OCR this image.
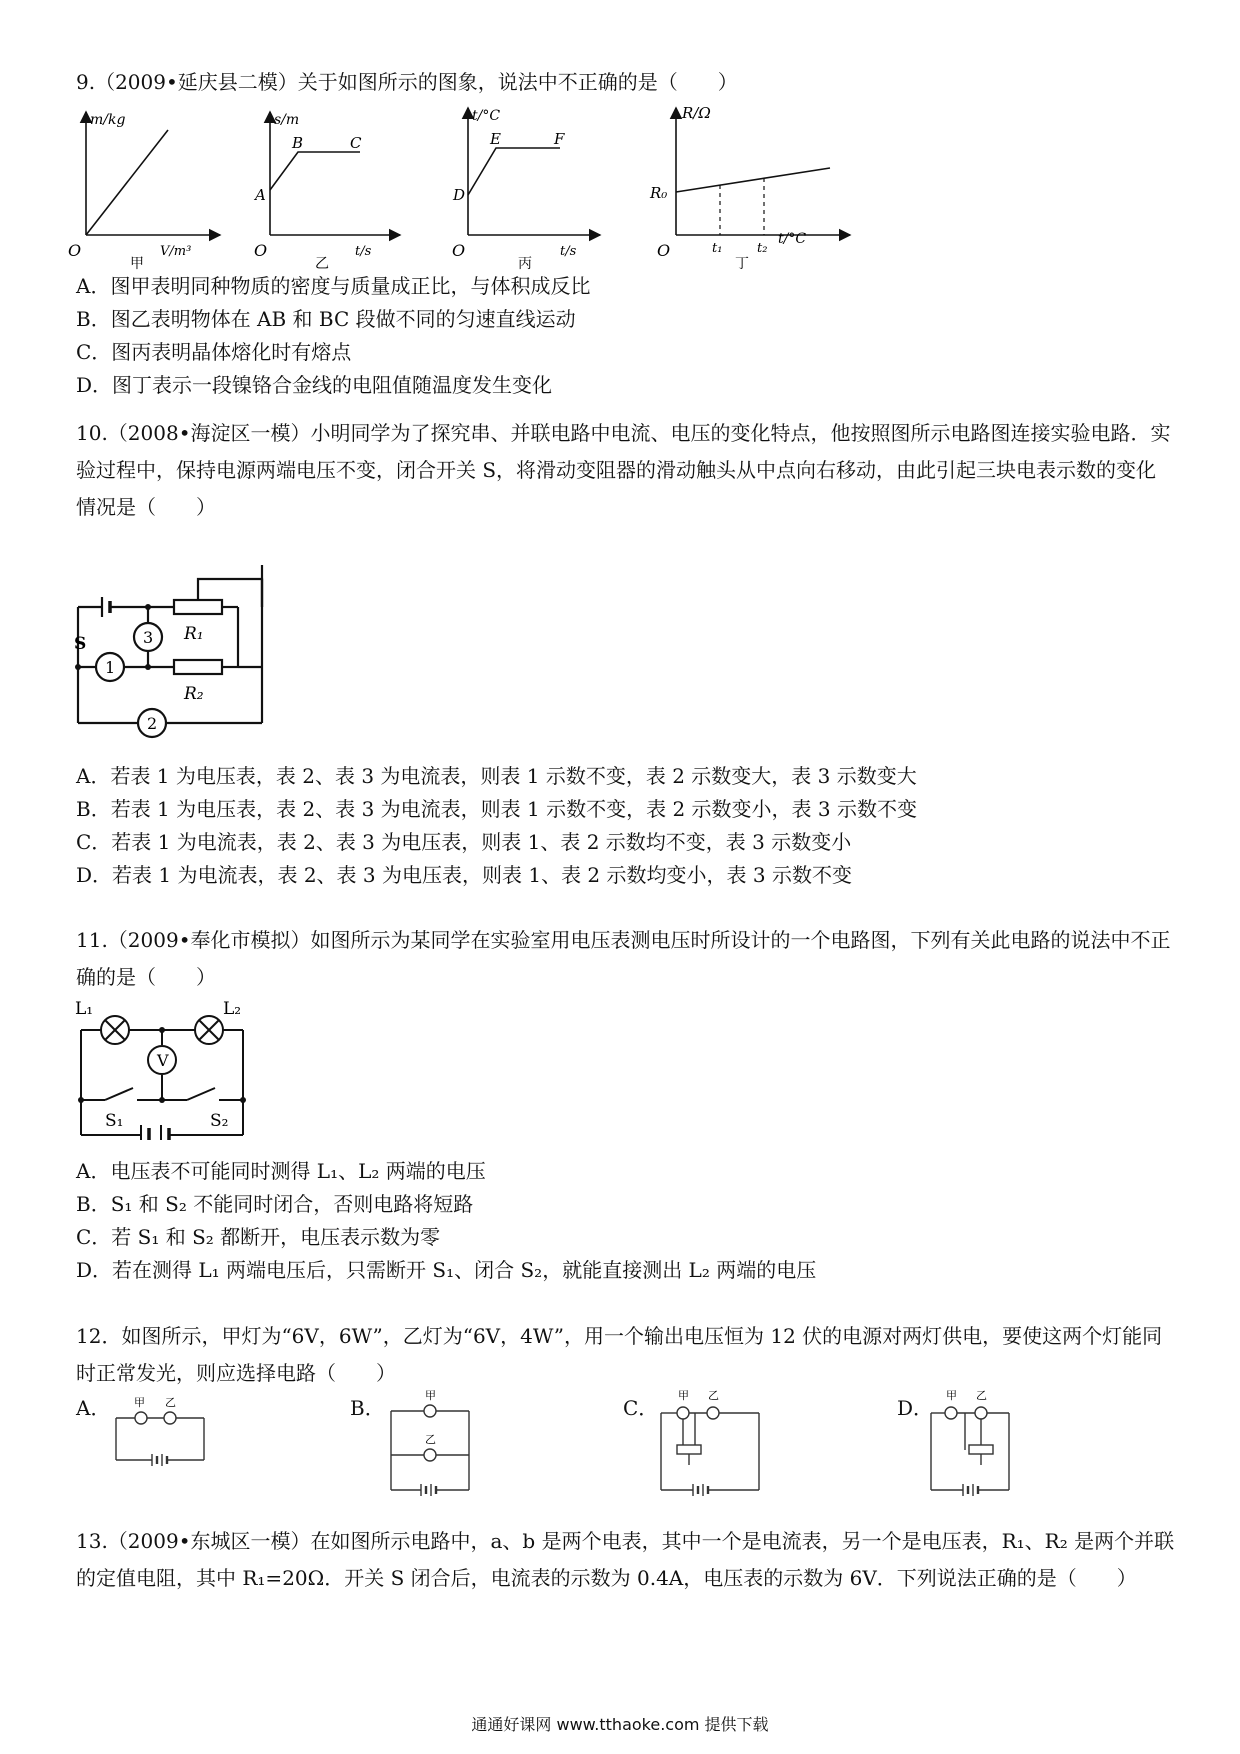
9.（2009•延庆县二模）关于如图所示的图象，说法中不正确的是（　　）

m/kg
V/m³
O
甲
s/m
t/s
O
A
B	C
乙
t/°C
t/s
O
D
E	F
丙
R/Ω
t/°C
O
R₀
t₁	t₂
丁

A．图甲表明同种物质的密度与质量成正比，与体积成反比

B．图乙表明物体在 AB 和 BC 段做不同的匀速直线运动

C．图丙表明晶体熔化时有熔点

D．图丁表示一段镍铬合金线的电阻值随温度发生变化

10.（2008•海淀区一模）小明同学为了探究串、并联电路中电流、电压的变化特点，他按照图所示电路图连接实验电路．实验过程中，保持电源两端电压不变，闭合开关 S，将滑动变阻器的滑动触头从中点向右移动，由此引起三块电表示数的变化情况是（　　）

1
2
3
S	R₁
R₂

A．若表 1 为电压表，表 2、表 3 为电流表，则表 1 示数不变，表 2 示数变大，表 3 示数变大

B．若表 1 为电压表，表 2、表 3 为电流表，则表 1 示数不变，表 2 示数变小，表 3 示数不变

C．若表 1 为电流表，表 2、表 3 为电压表，则表 1、表 2 示数均不变，表 3 示数变小

D．若表 1 为电流表，表 2、表 3 为电压表，则表 1、表 2 示数均变小，表 3 示数不变

11.（2009•奉化市模拟）如图所示为某同学在实验室用电压表测电压时所设计的一个电路图，下列有关此电路的说法中不正确的是（　　）

V
L₁	L₂
S₁	S₂

A．电压表不可能同时测得 L₁、L₂ 两端的电压

B．S₁ 和 S₂ 不能同时闭合，否则电路将短路

C．若 S₁ 和 S₂ 都断开，电压表示数为零

D．若在测得 L₁ 两端电压后，只需断开 S₁、闭合 S₂，就能直接测出 L₂ 两端的电压

12．如图所示，甲灯为“6V，6W”，乙灯为“6V，4W”，用一个输出电压恒为 12 伏的电源对两灯供电，要使这两个灯能同时正常发光，则应选择电路（　　）

A．	B．	C．	D．
甲 乙
甲
乙
甲 乙	甲 乙

13.（2009•东城区一模）在如图所示电路中，a、b 是两个电表，其中一个是电流表，另一个是电压表，R₁、R₂ 是两个并联的定值电阻，其中 R₁=20Ω．开关 S 闭合后，电流表的示数为 0.4A，电压表的示数为 6V．下列说法正确的是（　　）

通通好课网 www.tthaoke.com 提供下载
